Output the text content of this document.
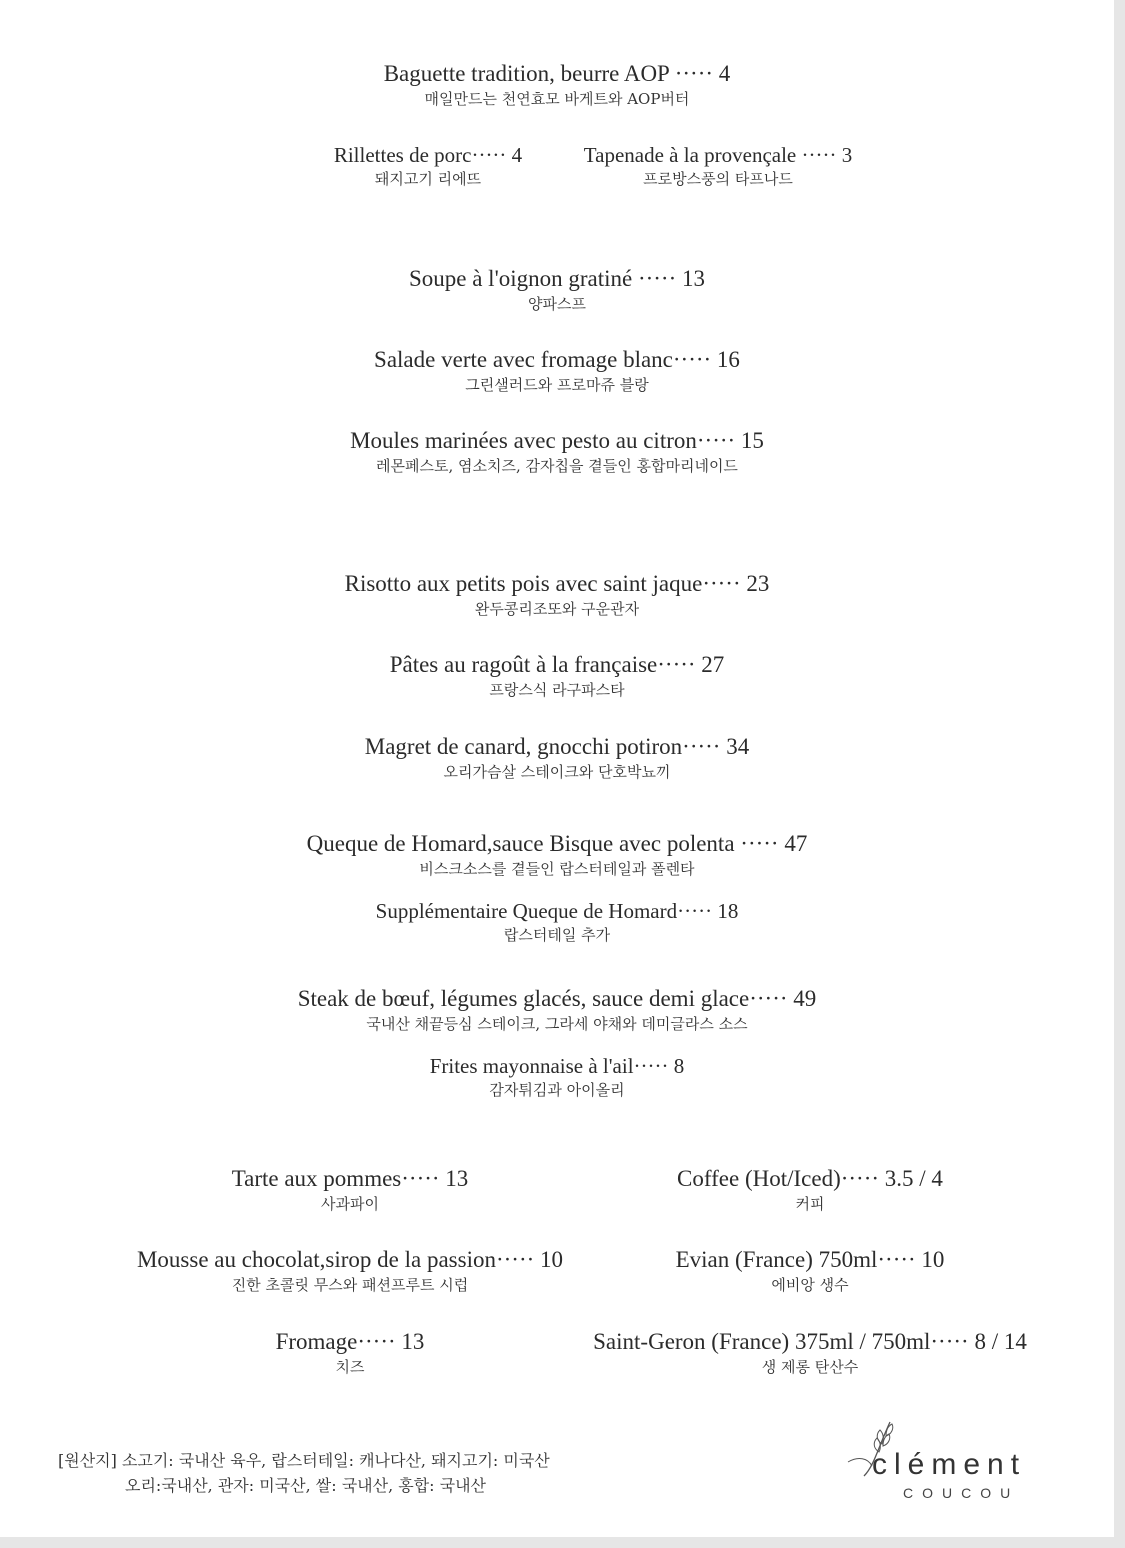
Baguette tradition, beurre AOP ····· 4
매일만드는 천연효모 바게트와 AOP버터
Rillettes de porc····· 4
돼지고기 리에뜨
Tapenade à la provençale ····· 3
프로방스풍의 타프나드
Soupe à l'oignon gratiné ····· 13
양파스프
Salade verte avec fromage blanc····· 16
그린샐러드와 프로마쥬 블랑
Moules marinées avec pesto au citron····· 15
레몬페스토, 염소치즈, 감자칩을 곁들인 홍합마리네이드
Risotto aux petits pois avec saint jaque····· 23
완두콩리조또와 구운관자
Pâtes au ragoût à la française····· 27
프랑스식 라구파스타
Magret de canard, gnocchi potiron····· 34
오리가슴살 스테이크와 단호박뇨끼
Queque de Homard,sauce Bisque avec polenta ····· 47
비스크소스를 곁들인 랍스터테일과 폴렌타
Supplémentaire Queque de Homard····· 18
랍스터테일 추가
Steak de bœuf, légumes glacés, sauce demi glace····· 49
국내산 채끝등심 스테이크, 그라세 야채와 데미글라스 소스
Frites mayonnaise à l'ail····· 8
감자튀김과 아이올리
Tarte aux pommes····· 13
사과파이
Mousse au chocolat,sirop de la passion····· 10
진한 초콜릿 무스와 패션프루트 시럽
Fromage····· 13
치즈
Coffee (Hot/Iced)····· 3.5 / 4
커피
Evian (France) 750ml····· 10
에비앙 생수
Saint-Geron (France) 375ml / 750ml····· 8 / 14
생 제롱 탄산수
[원산지] 소고기: 국내산 육우, 랍스터테일: 캐나다산, 돼지고기: 미국산
오리:국내산, 관자: 미국산, 쌀: 국내산, 홍합: 국내산
clément
COUCOU
